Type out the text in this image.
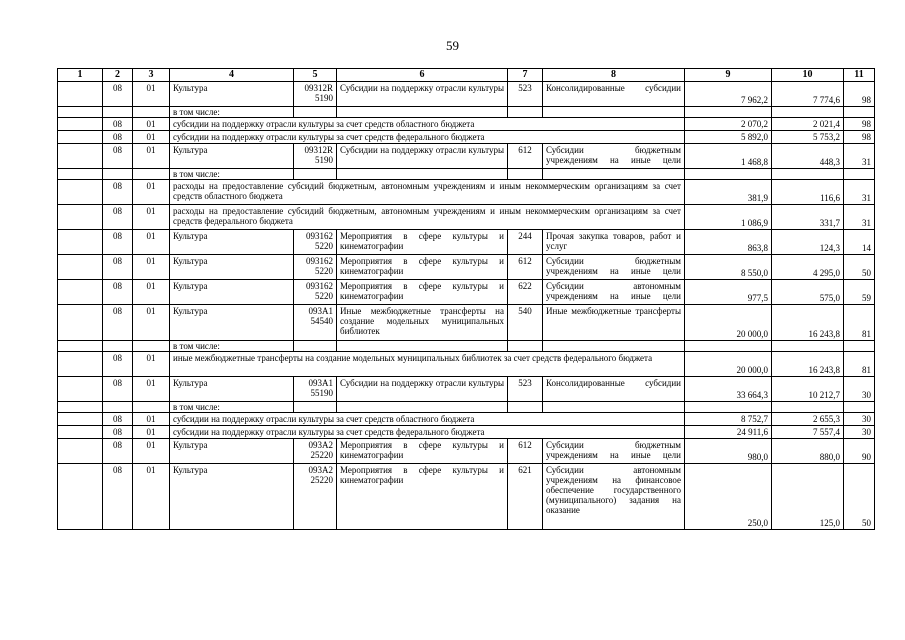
59
1	2	3	4	5	6	7	8	9	10	11
	08	01	Культура	09312R 5190	Субсидии на поддержку отрасли культуры	523	Консолидированные субсидии	7 962,2	7 774,6	98
			в том числе:							
	08	01	субсидии на поддержку отрасли культуры за счет средств областного бюджета					2 070,2	2 021,4	98
	08	01	субсидии на поддержку отрасли культуры за счет средств федерального бюджета					5 892,0	5 753,2	98
	08	01	Культура	09312R 5190	Субсидии на поддержку отрасли культуры	612	Субсидии бюджетным учреждениям на иные цели	1 468,8	448,3	31
			в том числе:							
	08	01	расходы на предоставление субсидий бюджетным, автономным учреждениям и иным некоммерческим организациям за счет средств областного бюджета					381,9	116,6	31
	08	01	расходы на предоставление субсидий бюджетным, автономным учреждениям и иным некоммерческим организациям за счет средств федерального бюджета					1 086,9	331,7	31
	08	01	Культура	093162 5220	Мероприятия в сфере культуры и кинематографии	244	Прочая закупка товаров, работ и услуг	863,8	124,3	14
	08	01	Культура	093162 5220	Мероприятия в сфере культуры и кинематографии	612	Субсидии бюджетным учреждениям на иные цели	8 550,0	4 295,0	50
	08	01	Культура	093162 5220	Мероприятия в сфере культуры и кинематографии	622	Субсидии автономным учреждениям на иные цели	977,5	575,0	59
	08	01	Культура	093A1 54540	Иные межбюджетные трансферты на создание модельных муниципальных библиотек	540	Иные межбюджетные трансферты	20 000,0	16 243,8	81
			в том числе:							
	08	01	иные межбюджетные трансферты на создание модельных муниципальных библиотек за счет средств федерального бюджета					20 000,0	16 243,8	81
	08	01	Культура	093A1 55190	Субсидии на поддержку отрасли культуры	523	Консолидированные субсидии	33 664,3	10 212,7	30
			в том числе:							
	08	01	субсидии на поддержку отрасли культуры за счет средств областного бюджета					8 752,7	2 655,3	30
	08	01	субсидии на поддержку отрасли культуры за счет средств федерального бюджета					24 911,6	7 557,4	30
	08	01	Культура	093A2 25220	Мероприятия в сфере культуры и кинематографии	612	Субсидии бюджетным учреждениям на иные цели	980,0	880,0	90
	08	01	Культура	093A2 25220	Мероприятия в сфере культуры и кинематографии	621	Субсидии автономным учреждениям на финансовое обеспечение государственного (муниципального) задания на оказание	250,0	125,0	50
